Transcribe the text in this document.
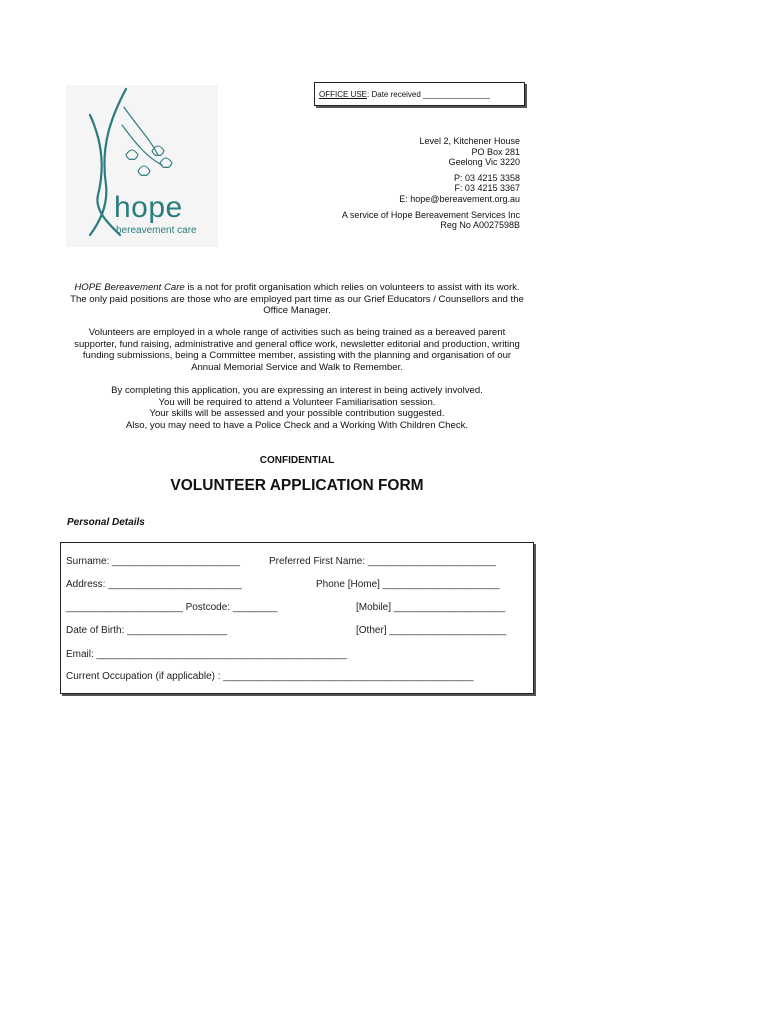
OFFICE USE: Date received _______________
hope
bereavement care
Level 2, Kitchener House
PO Box 281
Geelong Vic 3220
P: 03 4215 3358
F: 03 4215 3367
E: hope@bereavement.org.au
A service of Hope Bereavement Services Inc
Reg No A0027598B
HOPE Bereavement Care is a not for profit organisation which relies on volunteers to assist with its work. The only paid positions are those who are employed part time as our Grief Educators / Counsellors and the Office Manager.
Volunteers are employed in a whole range of activities such as being trained as a bereaved parent supporter, fund raising, administrative and general office work, newsletter editorial and production, writing funding submissions, being a Committee member, assisting with the planning and organisation of our Annual Memorial Service and Walk to Remember.
By completing this application, you are expressing an interest in being actively involved.
You will be required to attend a Volunteer Familiarisation session.
Your skills will be assessed and your possible contribution suggested.
Also, you may need to have a Police Check and a Working With Children Check.
CONFIDENTIAL
VOLUNTEER APPLICATION FORM
Personal Details
Surname: _______________________	Preferred First Name: _______________________
Address: ________________________	Phone [Home] _____________________
_____________________ Postcode: ________	[Mobile] ____________________
Date of Birth: __________________	[Other] _____________________
Email: _____________________________________________
Current Occupation (if applicable) : _____________________________________________
